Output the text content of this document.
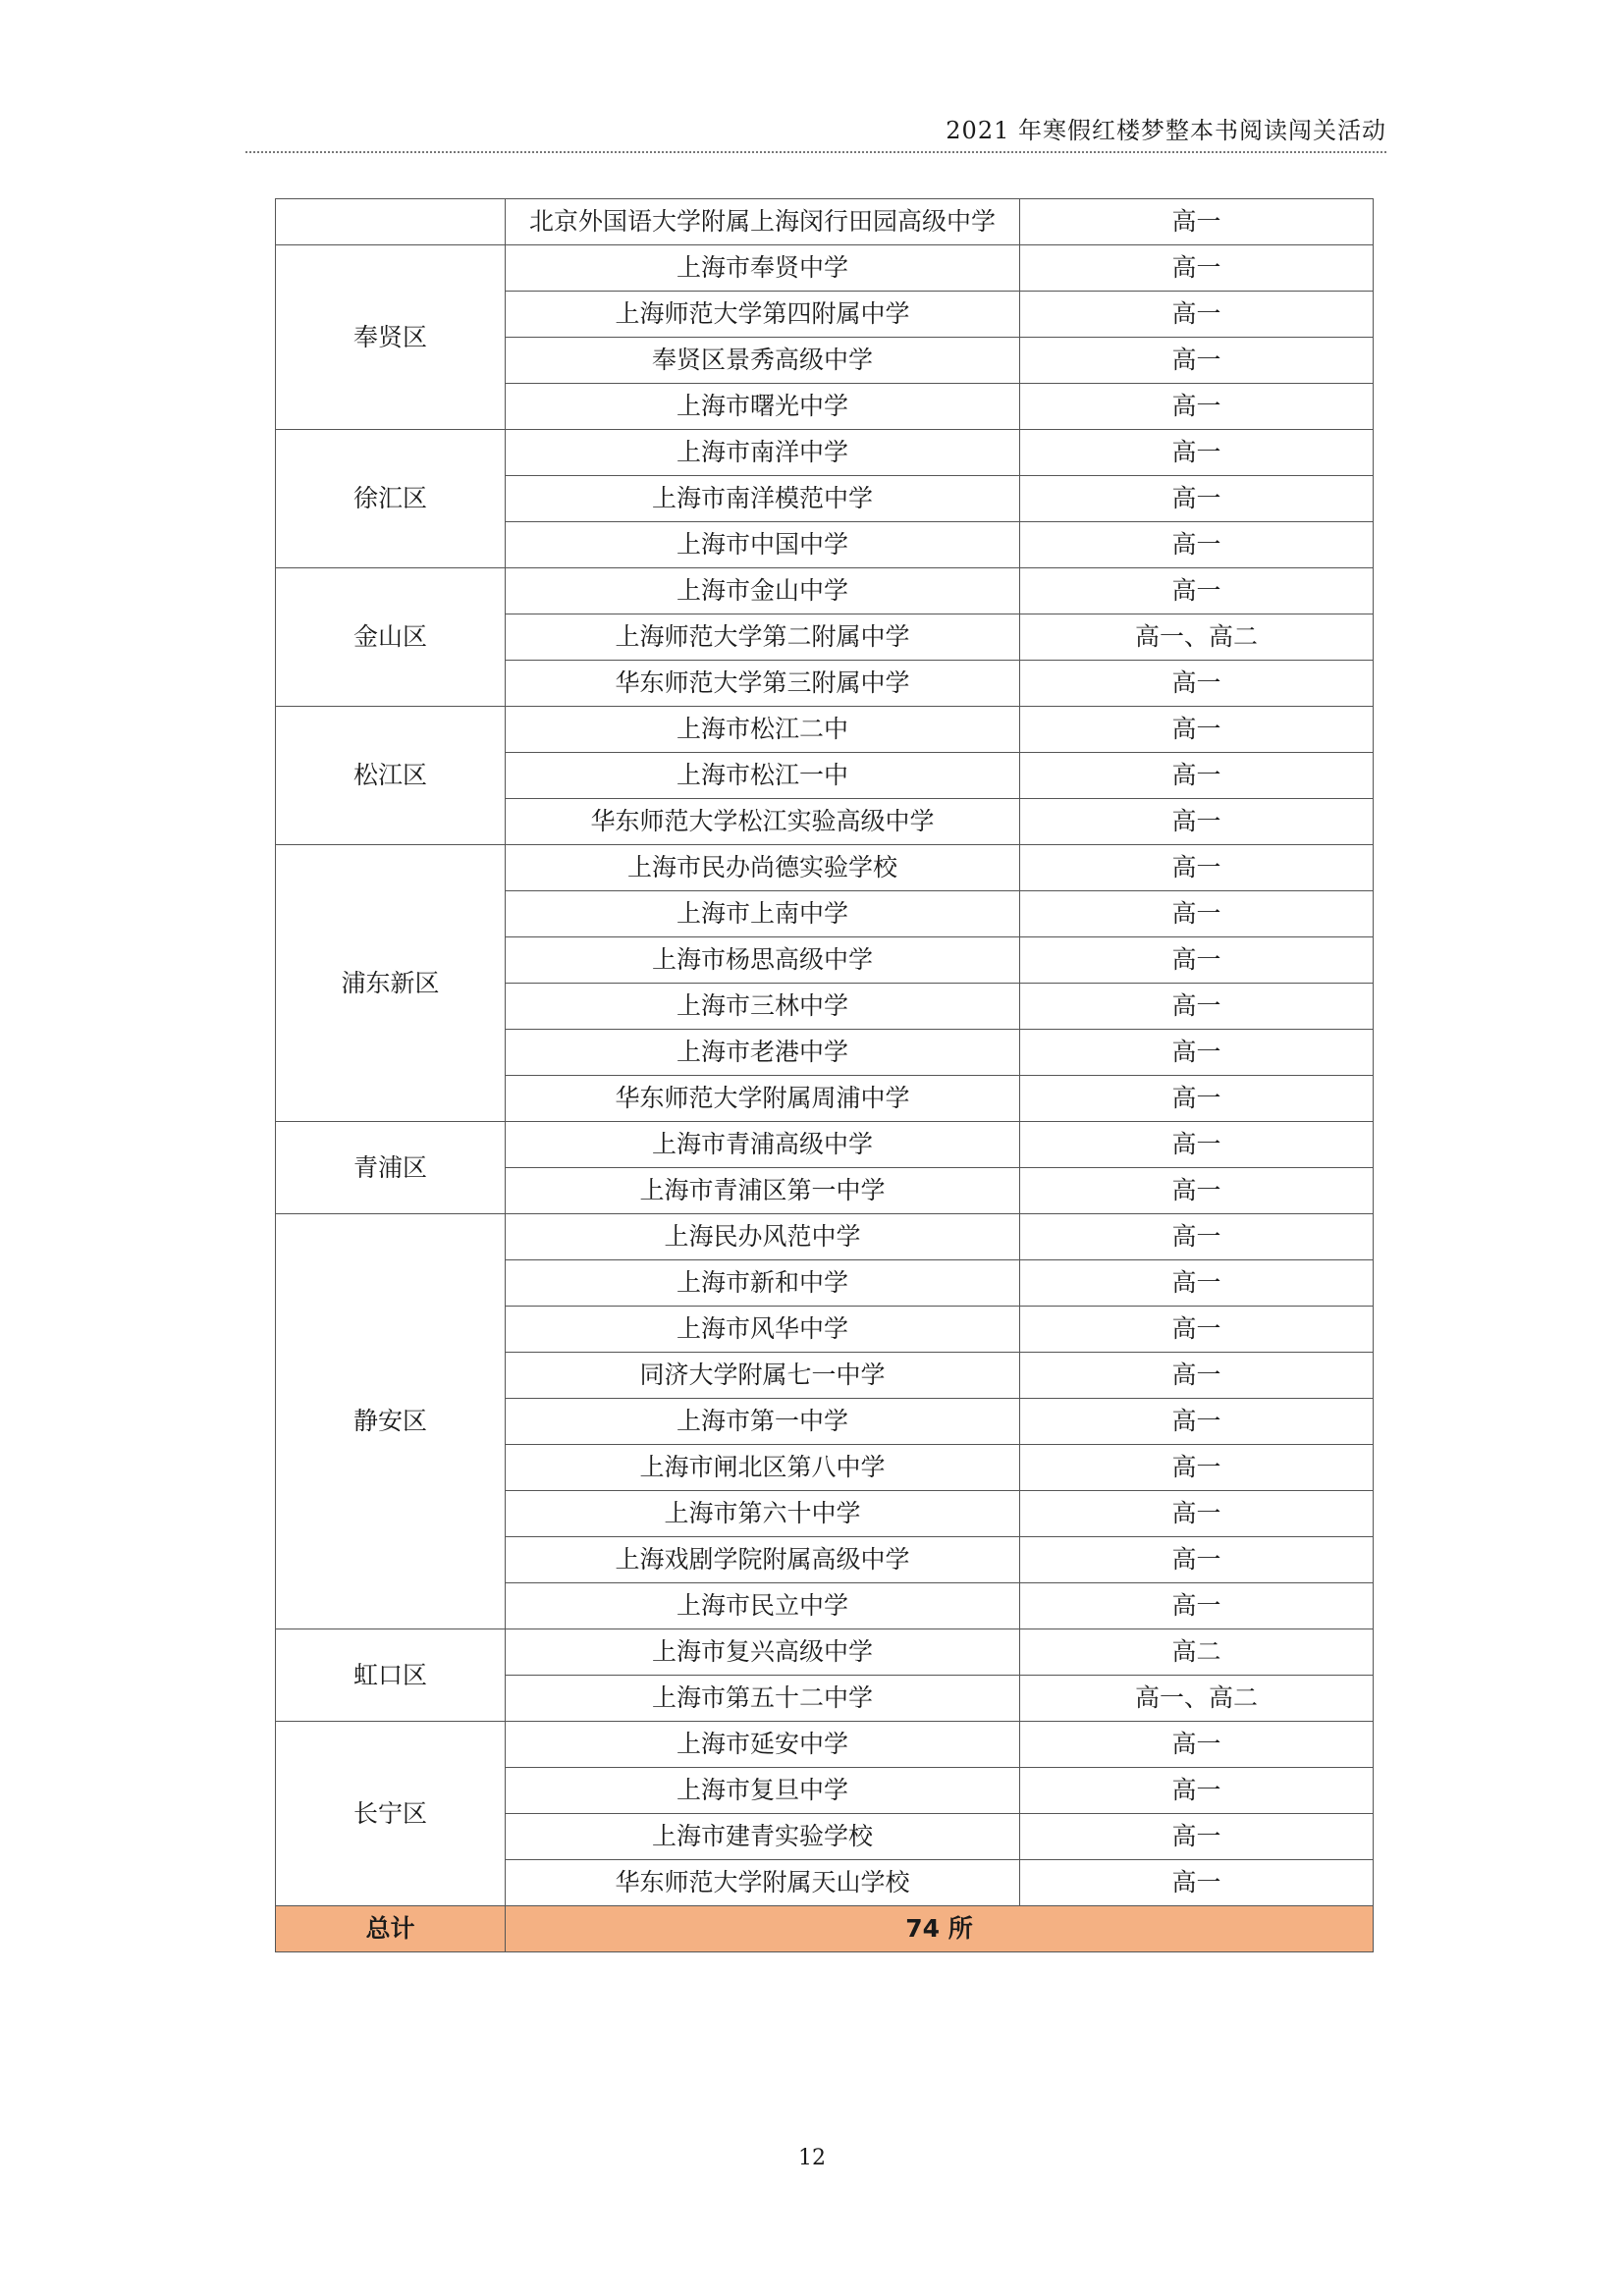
2021 年寒假红楼梦整本书阅读闯关活动
	北京外国语大学附属上海闵行田园高级中学	高一
奉贤区	上海市奉贤中学	高一
	上海师范大学第四附属中学	高一
	奉贤区景秀高级中学	高一
	上海市曙光中学	高一
徐汇区	上海市南洋中学	高一
	上海市南洋模范中学	高一
	上海市中国中学	高一
金山区	上海市金山中学	高一
	上海师范大学第二附属中学	高一、高二
	华东师范大学第三附属中学	高一
松江区	上海市松江二中	高一
	上海市松江一中	高一
	华东师范大学松江实验高级中学	高一
浦东新区	上海市民办尚德实验学校	高一
	上海市上南中学	高一
	上海市杨思高级中学	高一
	上海市三林中学	高一
	上海市老港中学	高一
	华东师范大学附属周浦中学	高一
青浦区	上海市青浦高级中学	高一
	上海市青浦区第一中学	高一
静安区	上海民办风范中学	高一
	上海市新和中学	高一
	上海市风华中学	高一
	同济大学附属七一中学	高一
	上海市第一中学	高一
	上海市闸北区第八中学	高一
	上海市第六十中学	高一
	上海戏剧学院附属高级中学	高一
	上海市民立中学	高一
虹口区	上海市复兴高级中学	高二
	上海市第五十二中学	高一、高二
长宁区	上海市延安中学	高一
	上海市复旦中学	高一
	上海市建青实验学校	高一
	华东师范大学附属天山学校	高一
总计	74 所	
12
